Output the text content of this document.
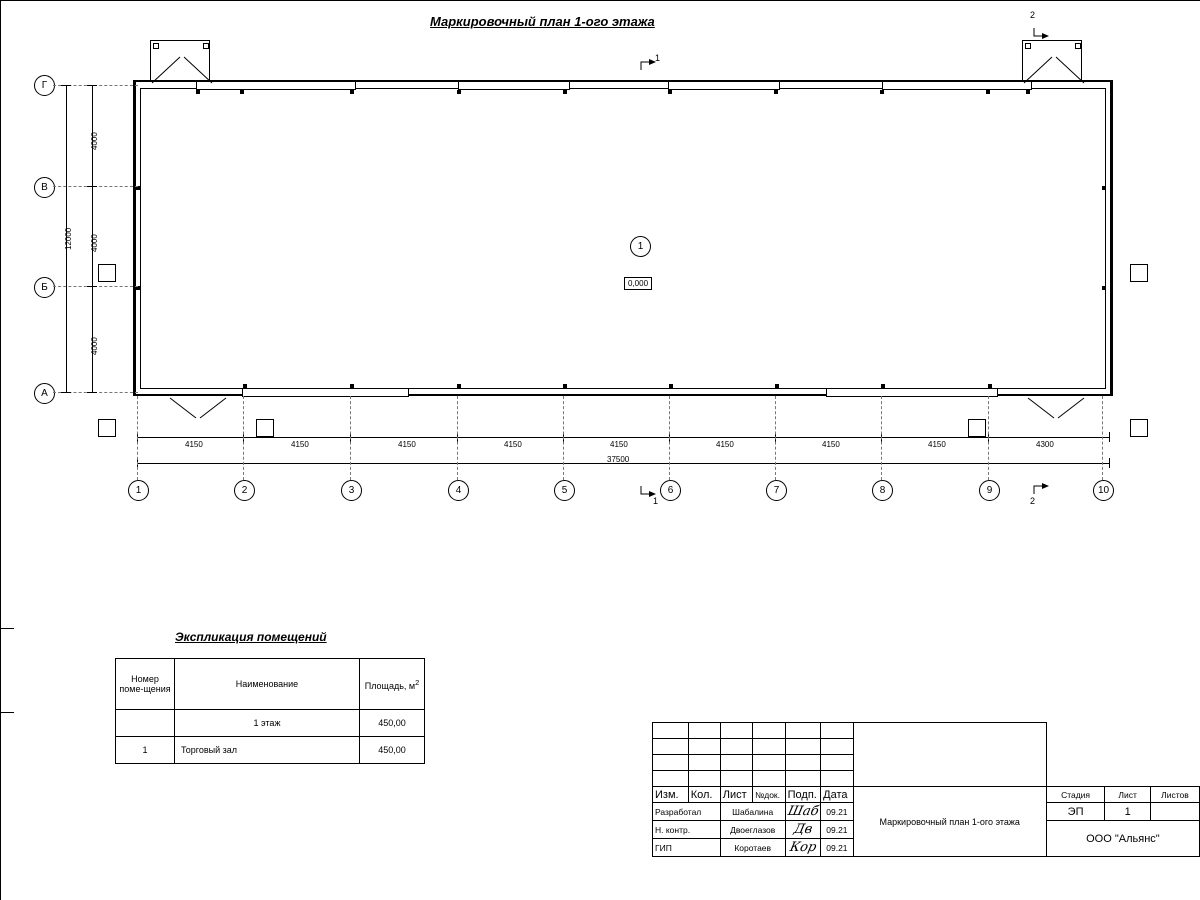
Маркировочный план 1-ого этажа
1
0,000
1
2
1	2
Г
В
Б
А
4000
4000
4000
12000
4150	4150	4150	4150	4150	4150	4150	4150	4300
37500
1	2	3	4	5	6	7	8	9	10
Экспликация помещений
Номер поме-щения	Наименование	Площадь, $м^2$
	1 этаж	450,00
1	Торговый зал	450,00

Изм.	Кол.	Лист	№док.	Подп.	Дата	Маркировочный план 1-ого этажа	Стадия	Лист	Листов
Разработал		Шабалина		Шаб	09.21		ЭП	1	
Н. контр.		Двоеглазов		Дв	09.21		ООО "Альянс"		
ГИП		Коротаев		Кор	09.21				
